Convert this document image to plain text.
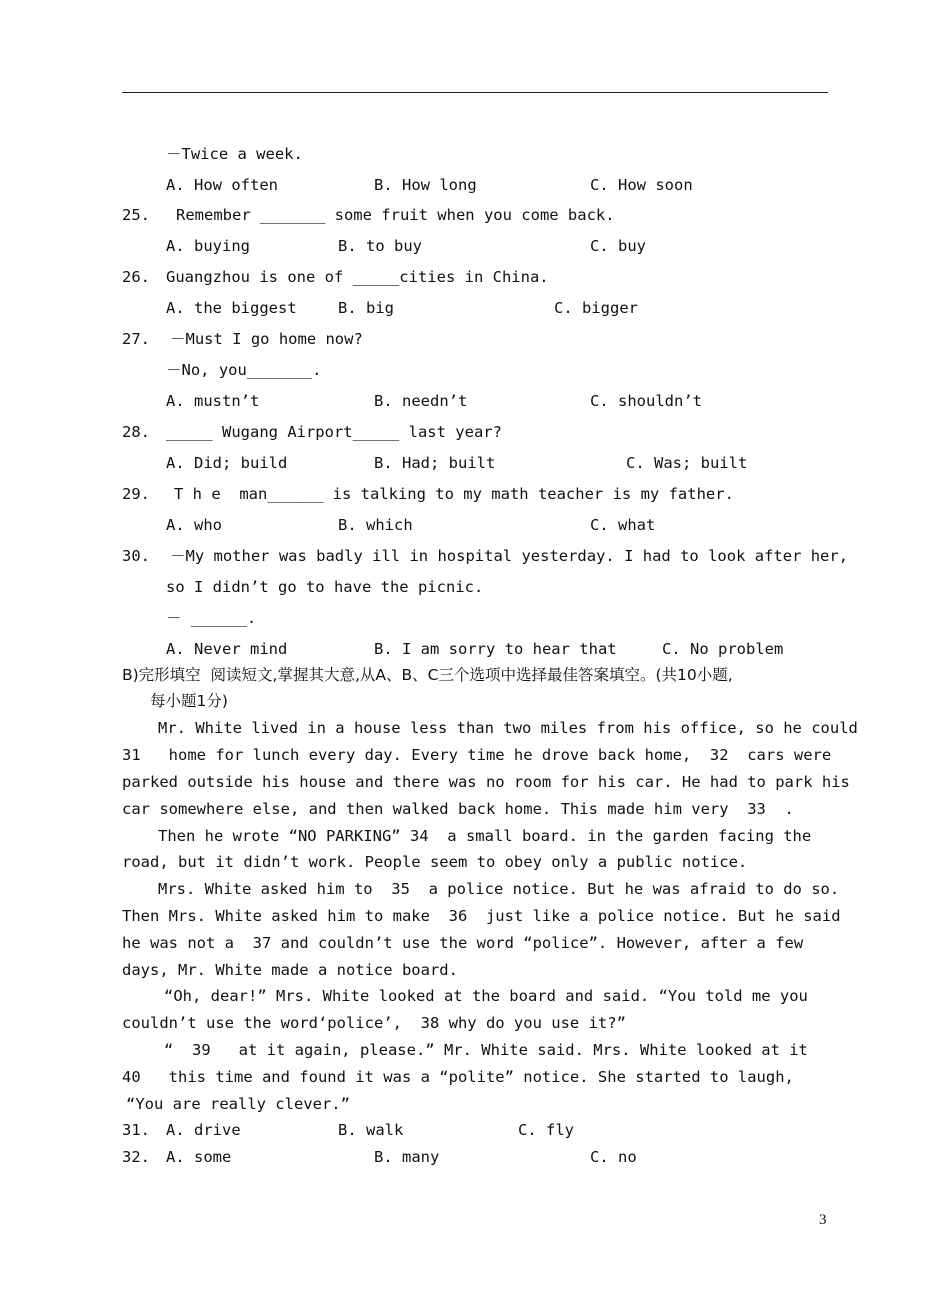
－Twice a week.
A. How often	B. How long	C. How soon
25. Remember _______ some fruit when you come back.
A. buying	B. to buy	C. buy
26. Guangzhou is one of _____cities in China.
A. the biggest	B. big	C. bigger
27. －Must I go home now?
－No, you_______.
A. mustn’t	B. needn’t	C. shouldn’t
28. _____ Wugang Airport_____ last year?
A. Did; build	B. Had; built	C. Was; built
29. T h e  man______ is talking to my math teacher is my father.
A. who	B. which	C. what
30. －My mother was badly ill in hospital yesterday. I had to look after her,
so I didn’t go to have the picnic.
－ ______.
A. Never mind	B. I am sorry to hear that	C. No problem
B)完形填空  阅读短文,掌握其大意,从A、B、C三个选项中选择最佳答案填空。(共10小题,
每小题1分)
Mr. White lived in a house less than two miles from his office, so he could
31   home for lunch every day. Every time he drove back home,  32  cars were
parked outside his house and there was no room for his car. He had to park his
car somewhere else, and then walked back home. This made him very  33  .
Then he wrote “NO PARKING” 34  a small board. in the garden facing the
road, but it didn’t work. People seem to obey only a public notice.
Mrs. White asked him to  35  a police notice. But he was afraid to do so.
Then Mrs. White asked him to make  36  just like a police notice. But he said
he was not a  37 and couldn’t use the word “police”. However, after a few
days, Mr. White made a notice board.
“Oh, dear!” Mrs. White looked at the board and said. “You told me you
couldn’t use the word‘police’,  38 why do you use it?”
“  39   at it again, please.” Mr. White said. Mrs. White looked at it
40   this time and found it was a “polite” notice. She started to laugh,
“You are really clever.”
31. A. drive	B. walk	C. fly
32. A. some	B. many	C. no
3
